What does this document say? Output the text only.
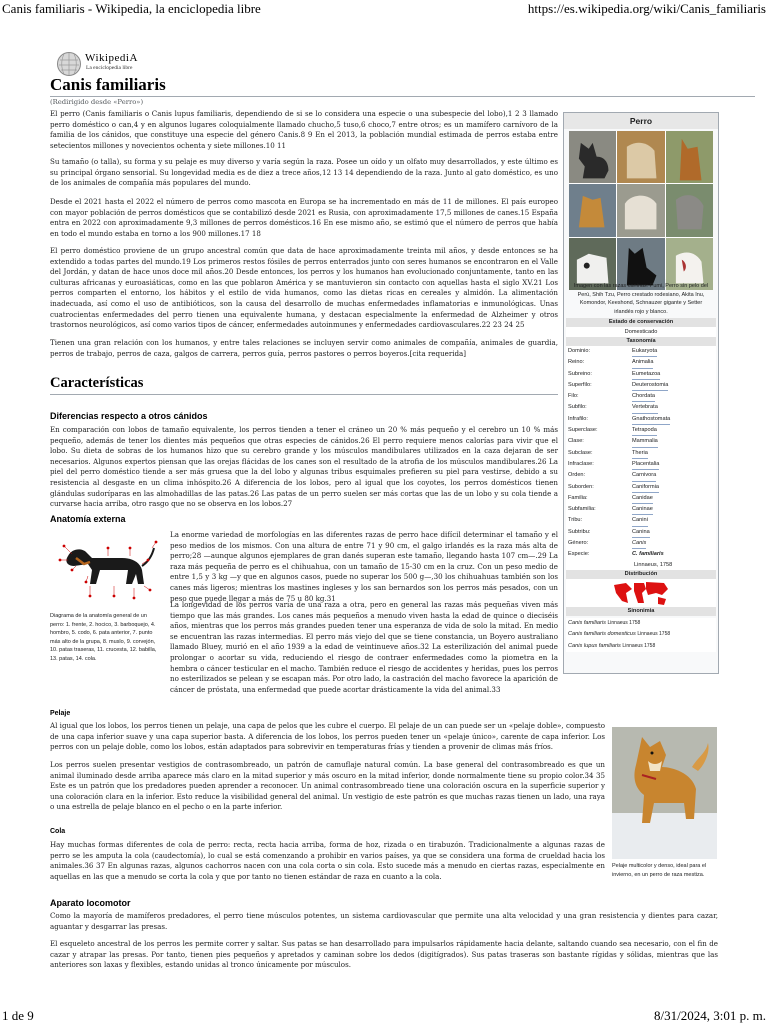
Canis familiaris - Wikipedia, la enciclopedia libre	https://es.wikipedia.org/wiki/Canis_familiaris
WikipediA
La enciclopedia libre
Canis familiaris
(Redirigido desde «Perro»)
El perro (Canis familiaris o Canis lupus familiaris, dependiendo de si se lo considera una especie o una subespecie del lobo),1 2 3 llamado perro doméstico o can,4 y en algunos lugares coloquialmente llamado chucho,5 tuso,6 choco,7 entre otros; es un mamífero carnívoro de la familia de los cánidos, que constituye una especie del género Canis.8 9 En el 2013, la población mundial estimada de perros estaba entre setecientos millones y novecientos ochenta y siete millones.10 11
Su tamaño (o talla), su forma y su pelaje es muy diverso y varía según la raza. Posee un oído y un olfato muy desarrollados, y este último es su principal órgano sensorial. Su longevidad media es de diez a trece años,12 13 14 dependiendo de la raza. Junto al gato doméstico, es uno de los animales de compañía más populares del mundo.
Desde el 2021 hasta el 2022 el número de perros como mascota en Europa se ha incrementado en más de 11 de millones. El país europeo con mayor población de perros domésticos que se contabilizó desde 2021 es Rusia, con aproximadamente 17,5 millones de canes.15 España entra en 2022 con aproximadamente 9,3 millones de perros domésticos.16 En ese mismo año, se estimó que el número de perros que había en todo el mundo estaba en torno a los 900 millones.17 18
El perro doméstico proviene de un grupo ancestral común que data de hace aproximadamente treinta mil años, y desde entonces se ha extendido a todas partes del mundo.19 Los primeros restos fósiles de perros enterrados junto con seres humanos se encontraron en el Valle del Jordán, y datan de hace unos doce mil años.20 Desde entonces, los perros y los humanos han evolucionado conjuntamente, tanto en las culturas africanas y euroasiáticas, como en las que poblaron América y se mantuvieron sin contacto con aquellas hasta el siglo XV.21 Los perros comparten el entorno, los hábitos y el estilo de vida humanos, como las dietas ricas en cereales y almidón. La alimentación inadecuada, así como el uso de antibióticos, son la causa del desarrollo de muchas enfermedades inflamatorias e inmunológicas. Unas cuatrocientas enfermedades del perro tienen una equivalente humana, y destacan especialmente la enfermedad de Alzheimer y otros trastornos neurológicos, así como varios tipos de cáncer, enfermedades autoinmunes y enfermedades cardiovasculares.22 23 24 25
Tienen una gran relación con los humanos, y entre tales relaciones se incluyen servir como animales de compañía, animales de guardia, perros de trabajo, perros de caza, galgos de carrera, perros guía, perros pastores o perros boyeros.[cita requerida]
Características
Diferencias respecto a otros cánidos
En comparación con lobos de tamaño equivalente, los perros tienden a tener el cráneo un 20 % más pequeño y el cerebro un 10 % más pequeño, además de tener los dientes más pequeños que otras especies de cánidos.26 El perro requiere menos calorías para vivir que el lobo. Su dieta de sobras de los humanos hizo que su cerebro grande y los músculos mandibulares utilizados en la caza dejaran de ser necesarios. Algunos expertos piensan que las orejas flácidas de los canes son el resultado de la atrofia de los músculos mandibulares.26 La piel del perro doméstico tiende a ser más gruesa que la del lobo y algunas tribus esquimales prefieren su piel para vestirse, debido a su resistencia al desgaste en un clima inhóspito.26 A diferencia de los lobos, pero al igual que los coyotes, los perros domésticos tienen glándulas sudoríparas en las almohadillas de las patas.26 Las patas de un perro suelen ser más cortas que las de un lobo y su cola tiende a curvarse hacia arriba, otro rasgo que no se observa en los lobos.27
Anatomía externa
Diagrama de la anatomía general de un perro: 1. frente, 2. hocico, 3. barboquejo, 4. hombro, 5. codo, 6. pata anterior, 7. punto más alto de la grupa, 8. muslo, 9. corvejón, 10. patas traseras, 11. crucesta, 12. babilla, 13. patas, 14. cola.
La enorme variedad de morfologías en las diferentes razas de perro hace difícil determinar el tamaño y el peso medios de los mismos. Con una altura de entre 71 y 90 cm, el galgo irlandés es la raza más alta de perro;28 —aunque algunos ejemplares de gran danés superan este tamaño, llegando hasta 107 cm—.29 La raza más pequeña de perro es el chihuahua, con un tamaño de 15-30 cm en la cruz. Con un peso medio de entre 1,5 y 3 kg —y que en algunos casos, puede no superar los 500 g—,30 los chihuahuas también son los canes más ligeros; mientras los mastines ingleses y los san bernardos son los perros más pesados, con un peso que puede llegar a más de 75 u 80 kg.31
La longevidad de los perros varía de una raza a otra, pero en general las razas más pequeñas viven más tiempo que las más grandes. Los canes más pequeños a menudo viven hasta la edad de quince o dieciséis años, mientras que los perros más grandes pueden tener una esperanza de vida de solo la mitad. En medio se encuentran las razas intermedias. El perro más viejo del que se tiene constancia, un Boyero australiano llamado Bluey, murió en el año 1939 a la edad de veintinueve años.32 La esterilización del animal puede prolongar o acortar su vida, reduciendo el riesgo de contraer enfermedades como la piometra en la hembra o cáncer testicular en el macho. También reduce el riesgo de accidentes y heridas, pues los perros no esterilizados se pelean y se escapan más. Por otro lado, la castración del macho favorece la aparición de cáncer de próstata, una enfermedad que puede acortar drásticamente la vida del animal.33
Pelaje
Al igual que los lobos, los perros tienen un pelaje, una capa de pelos que les cubre el cuerpo. El pelaje de un can puede ser un «pelaje doble», compuesto de una capa inferior suave y una capa superior basta. A diferencia de los lobos, los perros pueden tener un «pelaje único», carente de capa inferior. Los perros con un pelaje doble, como los lobos, están adaptados para sobrevivir en temperaturas frías y tienden a provenir de climas más fríos.
Los perros suelen presentar vestigios de contrasombreado, un patrón de camuflaje natural común. La base general del contrasombreado es que un animal iluminado desde arriba aparece más claro en la mitad superior y más oscuro en la mitad inferior, donde normalmente tiene su propio color.34 35 Este es un patrón que los predadores pueden aprender a reconocer. Un animal contrasombreado tiene una coloración oscura en la superficie superior y una coloración clara en la inferior. Esto reduce la visibilidad general del animal. Un vestigio de este patrón es que muchas razas tienen un lado, una raya o una estrella de pelaje blanco en el pecho o en la parte inferior.
Pelaje multicolor y denso, ideal para el invierno, en un perro de raza mestiza.
Cola
Hay muchas formas diferentes de cola de perro: recta, recta hacia arriba, forma de hoz, rizada o en tirabuzón. Tradicionalmente a algunas razas de perro se les amputa la cola (caudectomía), lo cual se está comenzando a prohibir en varios países, ya que se considera una forma de crueldad hacia los animales.36 37 En algunas razas, algunos cachorros nacen con una cola corta o sin cola. Esto sucede más a menudo en ciertas razas, especialmente en aquellas en las que a menudo se corta la cola y que por tanto no tienen estándar de raza en cuanto a la cola.
Aparato locomotor
Como la mayoría de mamíferos predadores, el perro tiene músculos potentes, un sistema cardiovascular que permite una alta velocidad y una gran resistencia y dientes para cazar, aguantar y desgarrar las presas.
El esqueleto ancestral de los perros les permite correr y saltar. Sus patas se han desarrollado para impulsarlos rápidamente hacia delante, saltando cuando sea necesario, con el fin de cazar y atrapar las presas. Por tanto, tienen pies pequeños y apretados y caminan sobre los dedos (digitígrados). Sus patas traseras son bastante rígidas y sólidas, mientras que las anteriores son laxas y flexibles, estando unidas al tronco únicamente por músculos.
Perro
Imagen con las razas caninas: Pumi, Perro sin pelo del Perú, Shih Tzu, Perro crestado rodesiano, Akita Inu, Komondor, Keeshond, Schnauzer gigante y Setter irlandés rojo y blanco.
Estado de conservación
Domesticado
Taxonomía
Dominio:	Eukaryota
Reino:	Animalia
Subreino:	Eumetazoa
Superfilo:	Deuterostomia
Filo:	Chordata
Subfilo:	Vertebrata
Infrafilo:	Gnathostomata
Superclase:	Tetrapoda
Clase:	Mammalia
Subclase:	Theria
Infraclase:	Placentalia
Orden:	Carnivora
Suborden:	Caniformia
Familia:	Canidae
Subfamilia:	Caninae
Tribu:	Canini
Subtribu:	Canina
Género:	Canis
Especie:	C. familiaris
Linnaeus, 1758
Distribución
Sinonimia
Canis familiaris Linnaeus 1758
Canis familiaris domesticus Linnaeus 1758
Canis lupus familiaris Linnaeus 1758
1 de 9	8/31/2024, 3:01 p. m.
